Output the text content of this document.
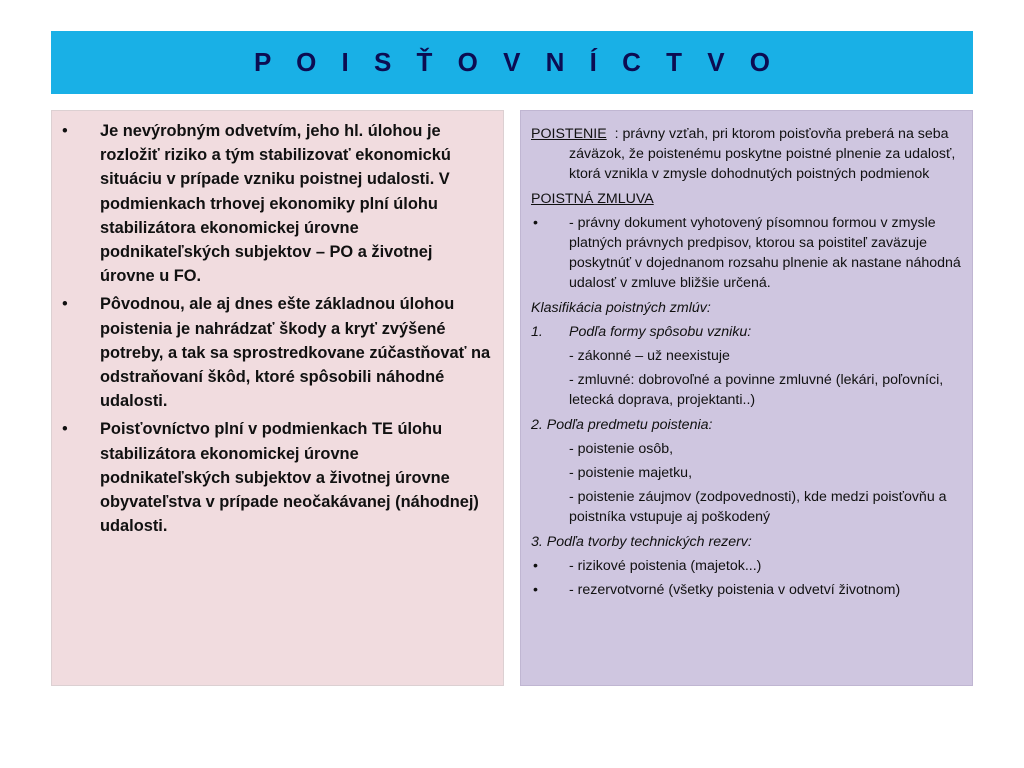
P O I S Ť O V N Í C T V O
• Je nevýrobným odvetvím, jeho hl. úlohou je rozložiť riziko a tým stabilizovať ekonomickú situáciu v prípade vzniku poistnej udalosti. V podmienkach trhovej ekonomiky plní úlohu stabilizátora ekonomickej úrovne podnikateľských subjektov – PO a životnej úrovne u FO.
• Pôvodnou, ale aj dnes ešte základnou úlohou poistenia je nahrádzať škody a kryť zvýšené potreby, a tak sa sprostredkovane zúčastňovať na odstraňovaní škôd, ktoré spôsobili náhodné udalosti.
• Poisťovníctvo plní v podmienkach TE úlohu stabilizátora ekonomickej úrovne podnikateľských subjektov a životnej úrovne obyvateľstva v prípade neočakávanej (náhodnej) udalosti.
POISTENIE  : právny vzťah, pri ktorom poisťovňa preberá na seba záväzok, že poistenému poskytne poistné plnenie za udalosť, ktorá vznikla v zmysle dohodnutých poistných podmienok
POISTNÁ ZMLUVA
• - právny dokument vyhotovený písomnou formou v zmysle platných právnych predpisov, ktorou sa poistiteľ zaväzuje poskytnúť v dojednanom rozsahu plnenie ak nastane náhodná udalosť v zmluve bližšie určená.
Klasifikácia poistných zmlúv:
1. Podľa formy spôsobu vzniku:
- zákonné – už neexistuje
- zmluvné: dobrovoľné a povinne zmluvné (lekári, poľovníci, letecká doprava, projektanti..)
2. Podľa predmetu poistenia:
- poistenie osôb,
- poistenie majetku,
- poistenie záujmov (zodpovednosti), kde medzi poisťovňu a poistníka vstupuje aj poškodený
3. Podľa tvorby technických rezerv:
• - rizikové poistenia (majetok...)
• - rezervotvorné (všetky poistenia v odvetví životnom)
